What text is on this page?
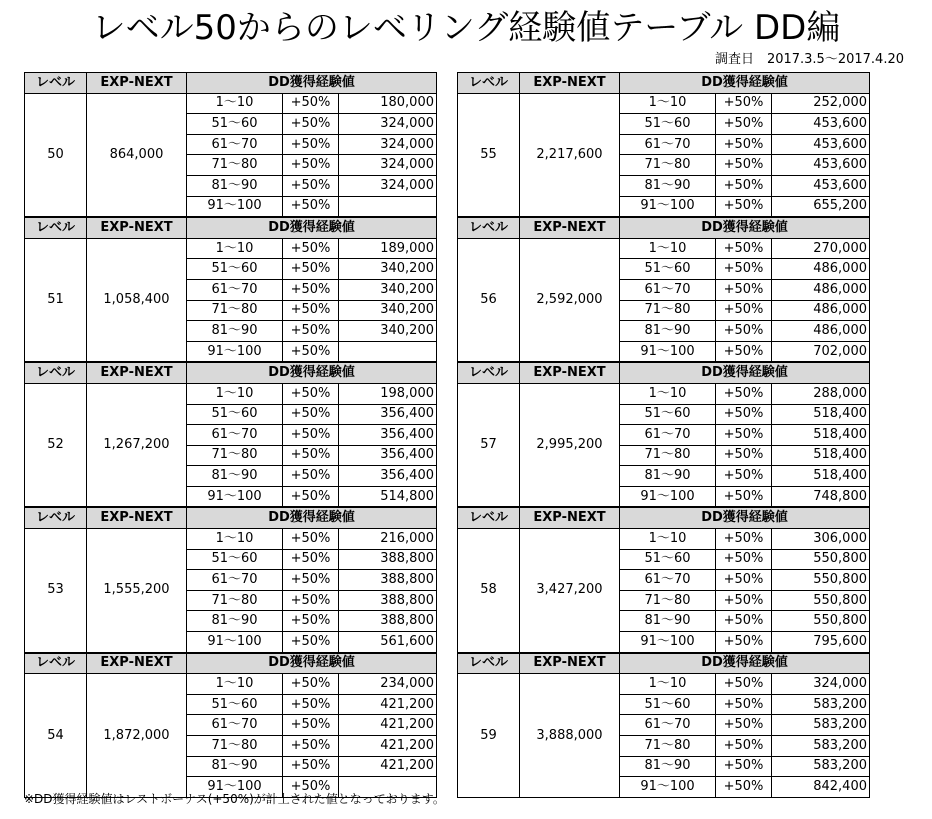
レベル50からのレベリング経験値テーブル DD編
調査日　2017.3.5～2017.4.20
レベル	EXP-NEXT	DD獲得経験値		
50	864,000	1～10	+50%	180,000
		51～60	+50%	324,000
		61～70	+50%	324,000
		71～80	+50%	324,000
		81～90	+50%	324,000
		91～100	+50%	
レベル	EXP-NEXT	DD獲得経験値		
51	1,058,400	1～10	+50%	189,000
		51～60	+50%	340,200
		61～70	+50%	340,200
		71～80	+50%	340,200
		81～90	+50%	340,200
		91～100	+50%	
レベル	EXP-NEXT	DD獲得経験値		
52	1,267,200	1～10	+50%	198,000
		51～60	+50%	356,400
		61～70	+50%	356,400
		71～80	+50%	356,400
		81～90	+50%	356,400
		91～100	+50%	514,800
レベル	EXP-NEXT	DD獲得経験値		
53	1,555,200	1～10	+50%	216,000
		51～60	+50%	388,800
		61～70	+50%	388,800
		71～80	+50%	388,800
		81～90	+50%	388,800
		91～100	+50%	561,600
レベル	EXP-NEXT	DD獲得経験値		
54	1,872,000	1～10	+50%	234,000
		51～60	+50%	421,200
		61～70	+50%	421,200
		71～80	+50%	421,200
		81～90	+50%	421,200
		91～100	+50%	
レベル	EXP-NEXT	DD獲得経験値		
55	2,217,600	1～10	+50%	252,000
		51～60	+50%	453,600
		61～70	+50%	453,600
		71～80	+50%	453,600
		81～90	+50%	453,600
		91～100	+50%	655,200
レベル	EXP-NEXT	DD獲得経験値		
56	2,592,000	1～10	+50%	270,000
		51～60	+50%	486,000
		61～70	+50%	486,000
		71～80	+50%	486,000
		81～90	+50%	486,000
		91～100	+50%	702,000
レベル	EXP-NEXT	DD獲得経験値		
57	2,995,200	1～10	+50%	288,000
		51～60	+50%	518,400
		61～70	+50%	518,400
		71～80	+50%	518,400
		81～90	+50%	518,400
		91～100	+50%	748,800
レベル	EXP-NEXT	DD獲得経験値		
58	3,427,200	1～10	+50%	306,000
		51～60	+50%	550,800
		61～70	+50%	550,800
		71～80	+50%	550,800
		81～90	+50%	550,800
		91～100	+50%	795,600
レベル	EXP-NEXT	DD獲得経験値		
59	3,888,000	1～10	+50%	324,000
		51～60	+50%	583,200
		61～70	+50%	583,200
		71～80	+50%	583,200
		81～90	+50%	583,200
		91～100	+50%	842,400
※DD獲得経験値はレストボーナス(+50%)が計上された値となっております。
